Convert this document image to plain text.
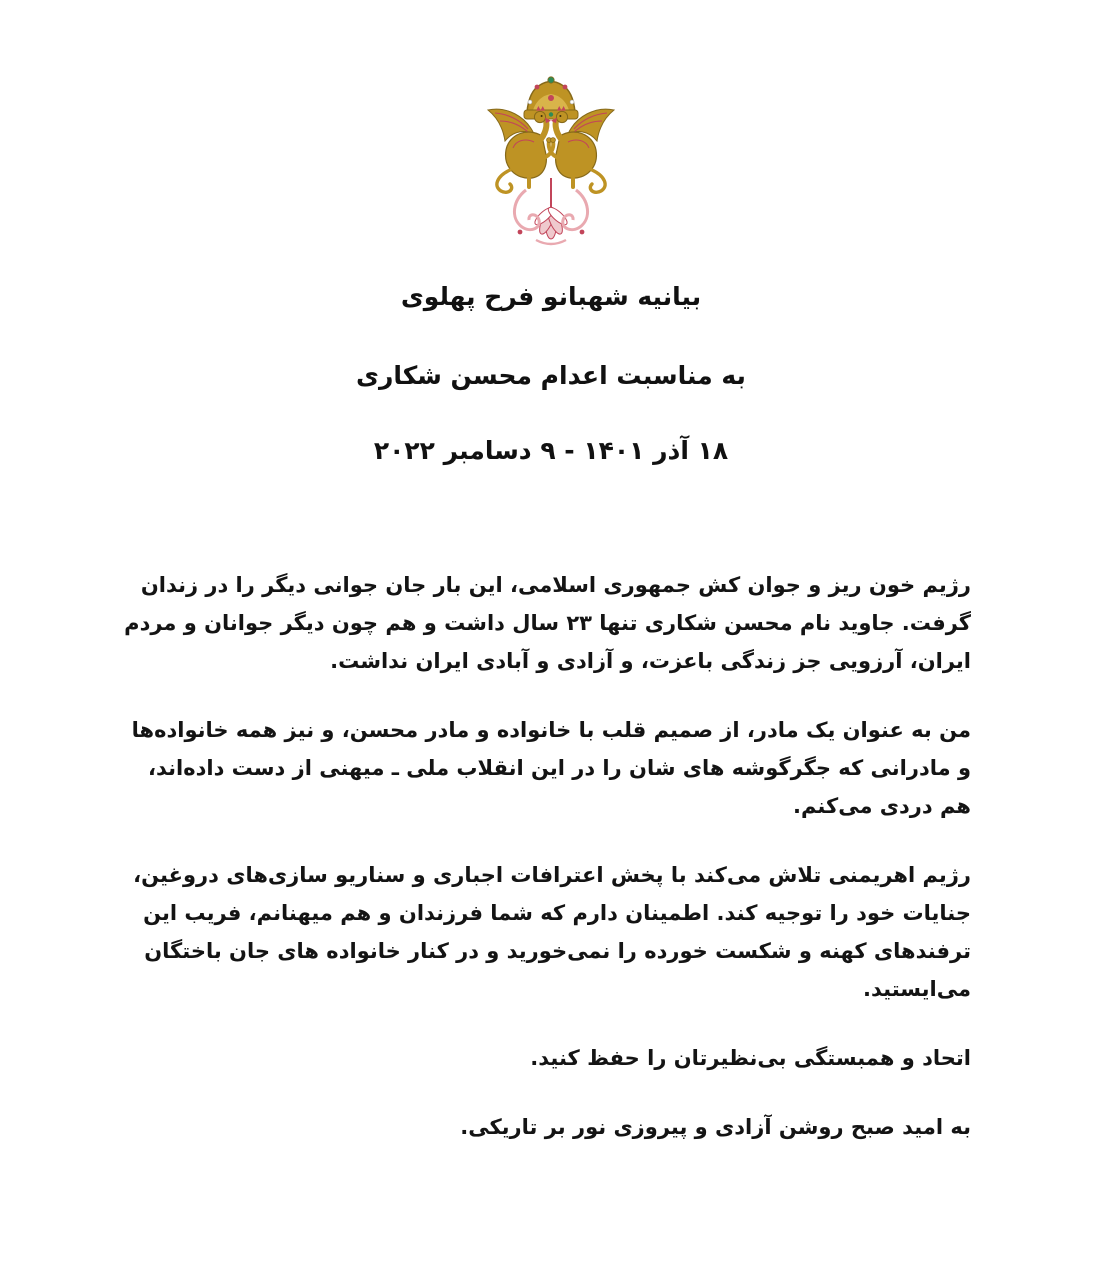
بیانیه شهبانو فرح پهلوی
به مناسبت اعدام محسن شکاری
۱۸ آذر ۱۴۰۱ - ۹ دسامبر ۲۰۲۲
رژیم خون ریز و جوان کش جمهوری اسلامی، این بار جان جوانی دیگر را در زندان
گرفت. جاوید نام محسن شکاری تنها ۲۳ سال داشت و هم چون دیگر جوانان و مردم
ایران، آرزویی جز زندگی باعزت، و آزادی و آبادی ایران نداشت.
من به عنوان یک مادر، از صمیم قلب با خانواده و مادر محسن، و نیز همه خانواده‌ها
و مادرانی که جگرگوشه های شان را در این انقلاب ملی ـ میهنی از دست داده‌اند،
هم دردی می‌کنم.
رژیم اهریمنی تلاش می‌کند با پخش اعترافات اجباری و سناریو سازی‌های دروغین،
جنایات خود را توجیه کند. اطمینان دارم که شما فرزندان و هم میهنانم، فریب این
ترفندهای کهنه و شکست خورده را نمی‌خورید و در کنار خانواده های جان باختگان
می‌ایستید.
اتحاد و همبستگی بی‌نظیرتان را حفظ کنید.
به امید صبح روشن آزادی و پیروزی نور بر تاریکی.
